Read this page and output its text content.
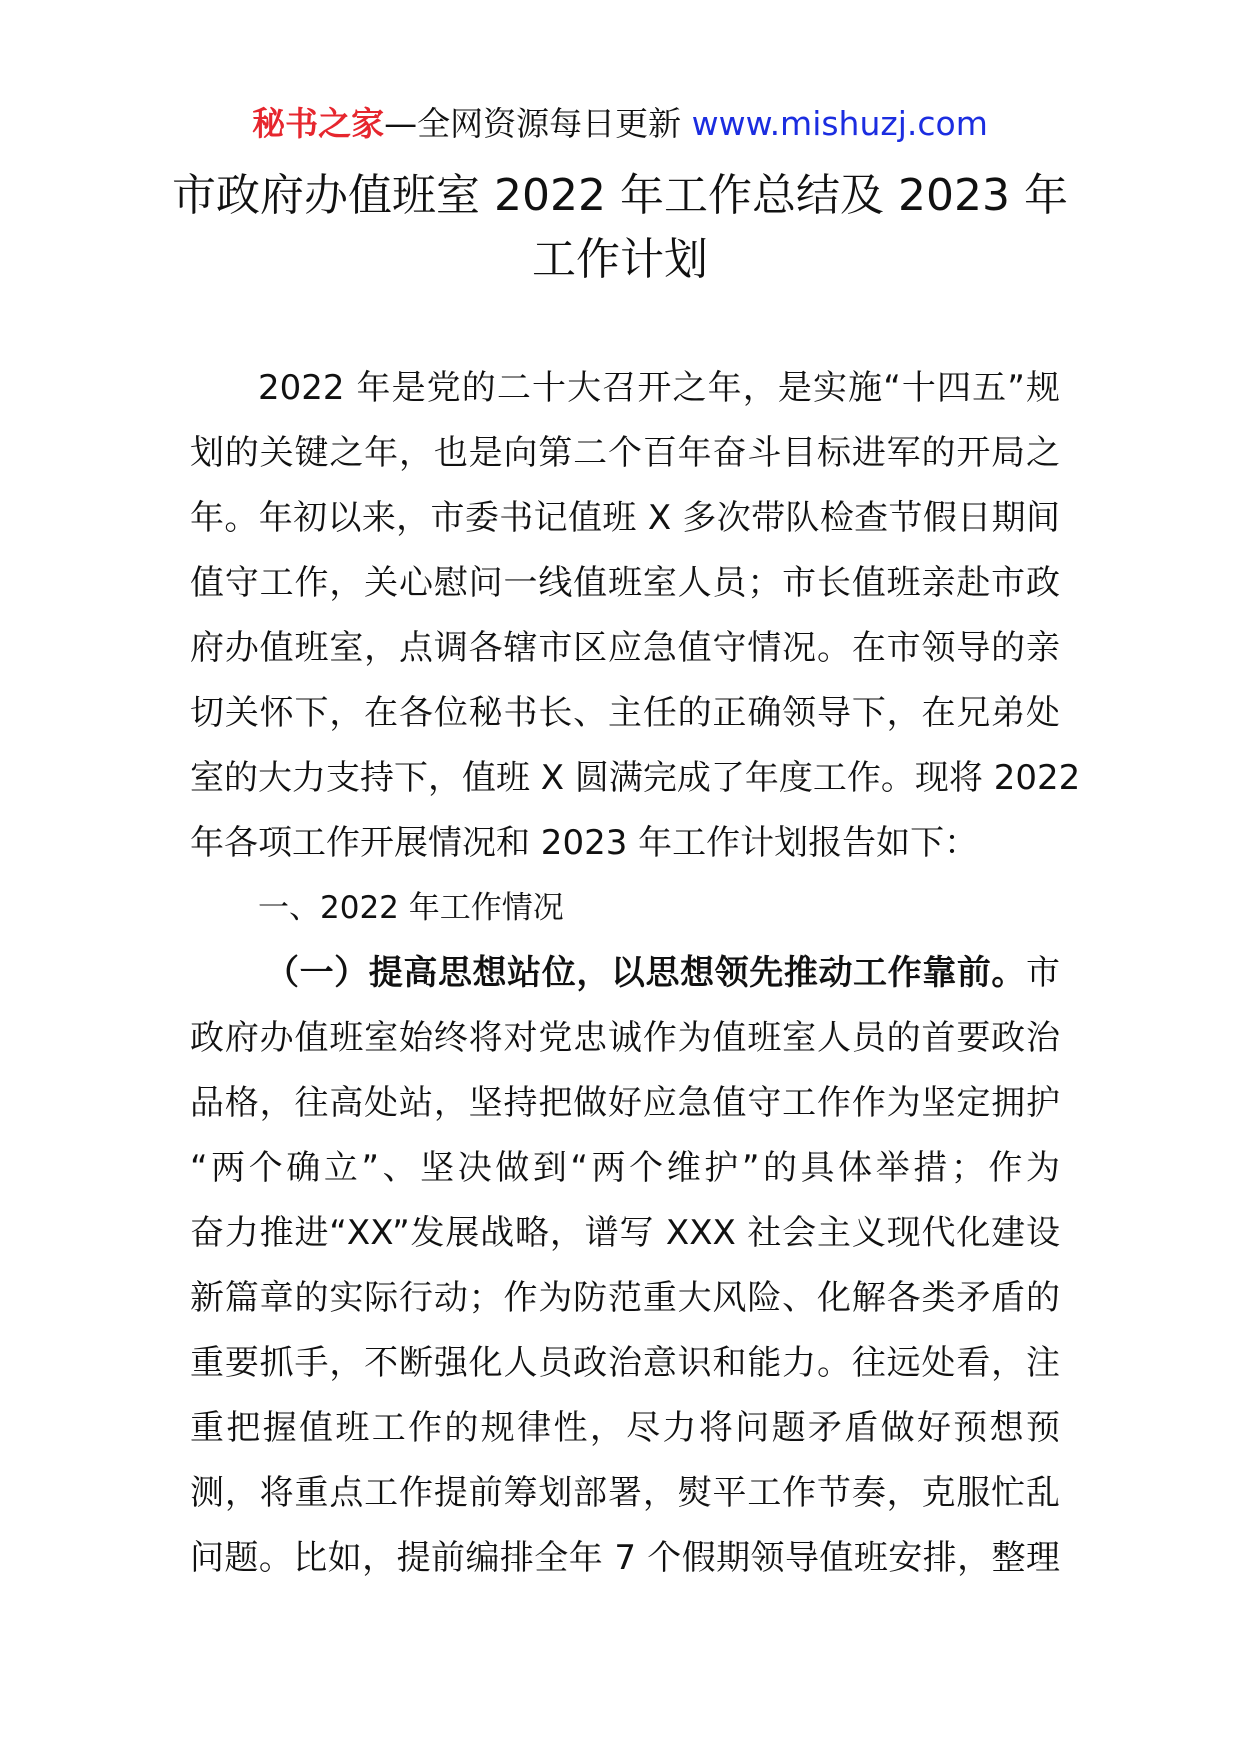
秘书之家—全网资源每日更新 www.mishuzj.com
市政府办值班室 2022 年工作总结及 2023 年
工作计划
2022 年是党的二十大召开之年，是实施“十四五”规
划的关键之年，也是向第二个百年奋斗目标进军的开局之
年。年初以来，市委书记值班 X 多次带队检查节假日期间
值守工作，关心慰问一线值班室人员；市长值班亲赴市政
府办值班室，点调各辖市区应急值守情况。在市领导的亲
切关怀下，在各位秘书长、主任的正确领导下，在兄弟处
室的大力支持下，值班 X 圆满完成了年度工作。现将 2022
年各项工作开展情况和 2023 年工作计划报告如下：
一、2022 年工作情况
（一）提高思想站位，以思想领先推动工作靠前。市
政府办值班室始终将对党忠诚作为值班室人员的首要政治
品格，往高处站，坚持把做好应急值守工作作为坚定拥护
“两个确立”、坚决做到“两个维护”的具体举措；作为
奋力推进“XX”发展战略，谱写 XXX 社会主义现代化建设
新篇章的实际行动；作为防范重大风险、化解各类矛盾的
重要抓手，不断强化人员政治意识和能力。往远处看，注
重把握值班工作的规律性，尽力将问题矛盾做好预想预
测，将重点工作提前筹划部署，熨平工作节奏，克服忙乱
问题。比如，提前编排全年 7 个假期领导值班安排，整理
